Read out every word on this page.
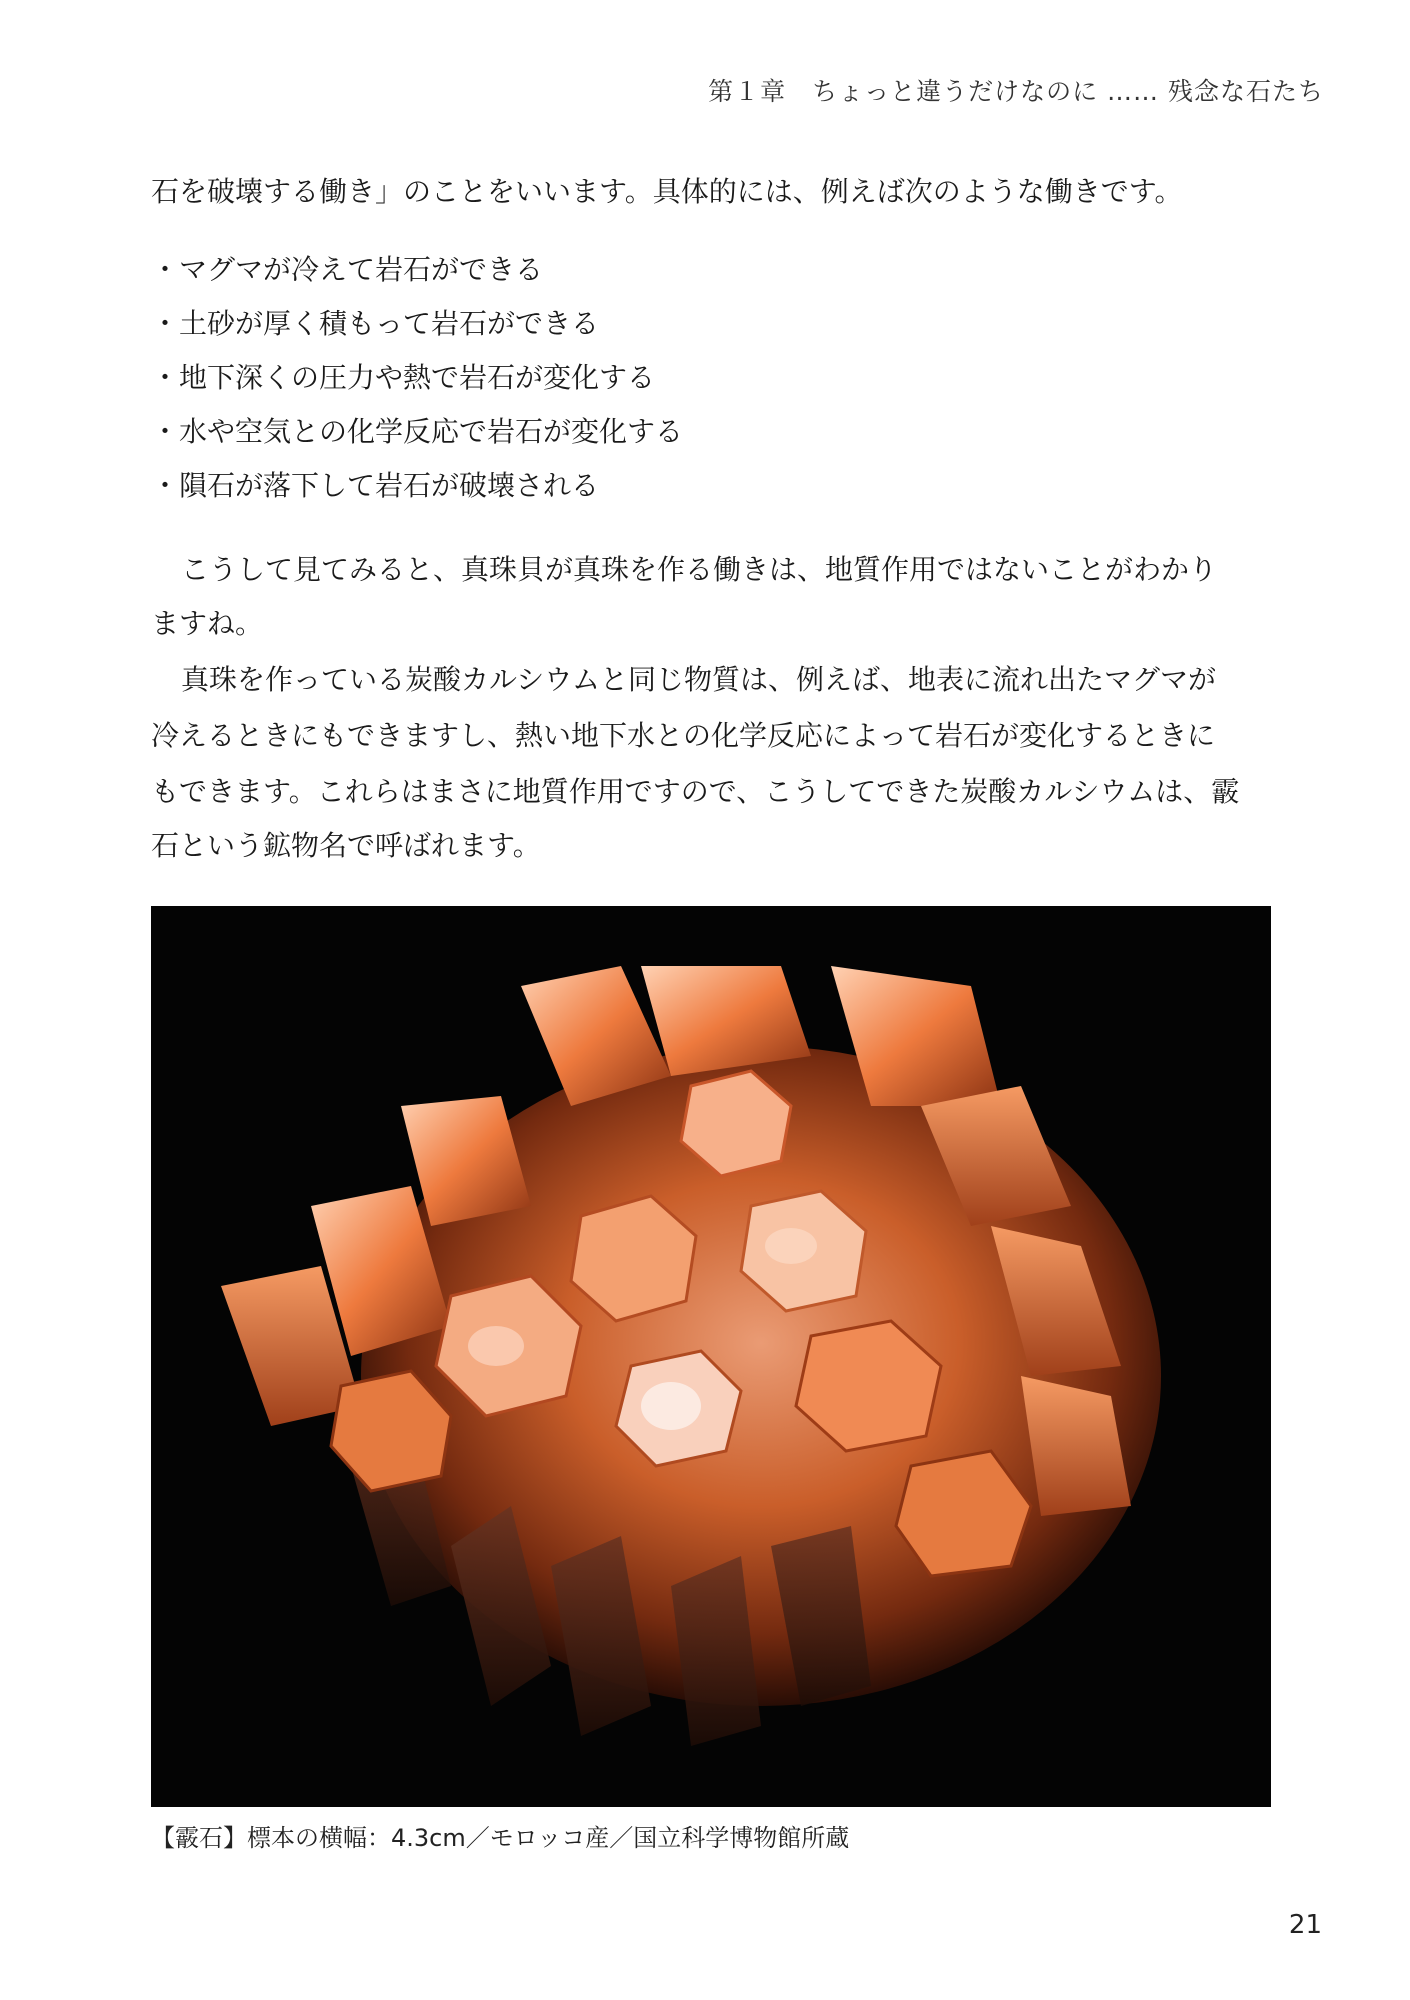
第１章　ちょっと違うだけなのに …… 残念な石たち
石を破壊する働き」のことをいいます。具体的には、例えば次のような働きです。
・マグマが冷えて岩石ができる
・土砂が厚く積もって岩石ができる
・地下深くの圧力や熱で岩石が変化する
・水や空気との化学反応で岩石が変化する
・隕石が落下して岩石が破壊される
こうして見てみると、真珠貝が真珠を作る働きは、地質作用ではないことがわかり
ますね。
真珠を作っている炭酸カルシウムと同じ物質は、例えば、地表に流れ出たマグマが
冷えるときにもできますし、熱い地下水との化学反応によって岩石が変化するときに
もできます。これらはまさに地質作用ですので、こうしてできた炭酸カルシウムは、霰
石という鉱物名で呼ばれます。
【霰石】標本の横幅：4.3cm／モロッコ産／国立科学博物館所蔵
21
